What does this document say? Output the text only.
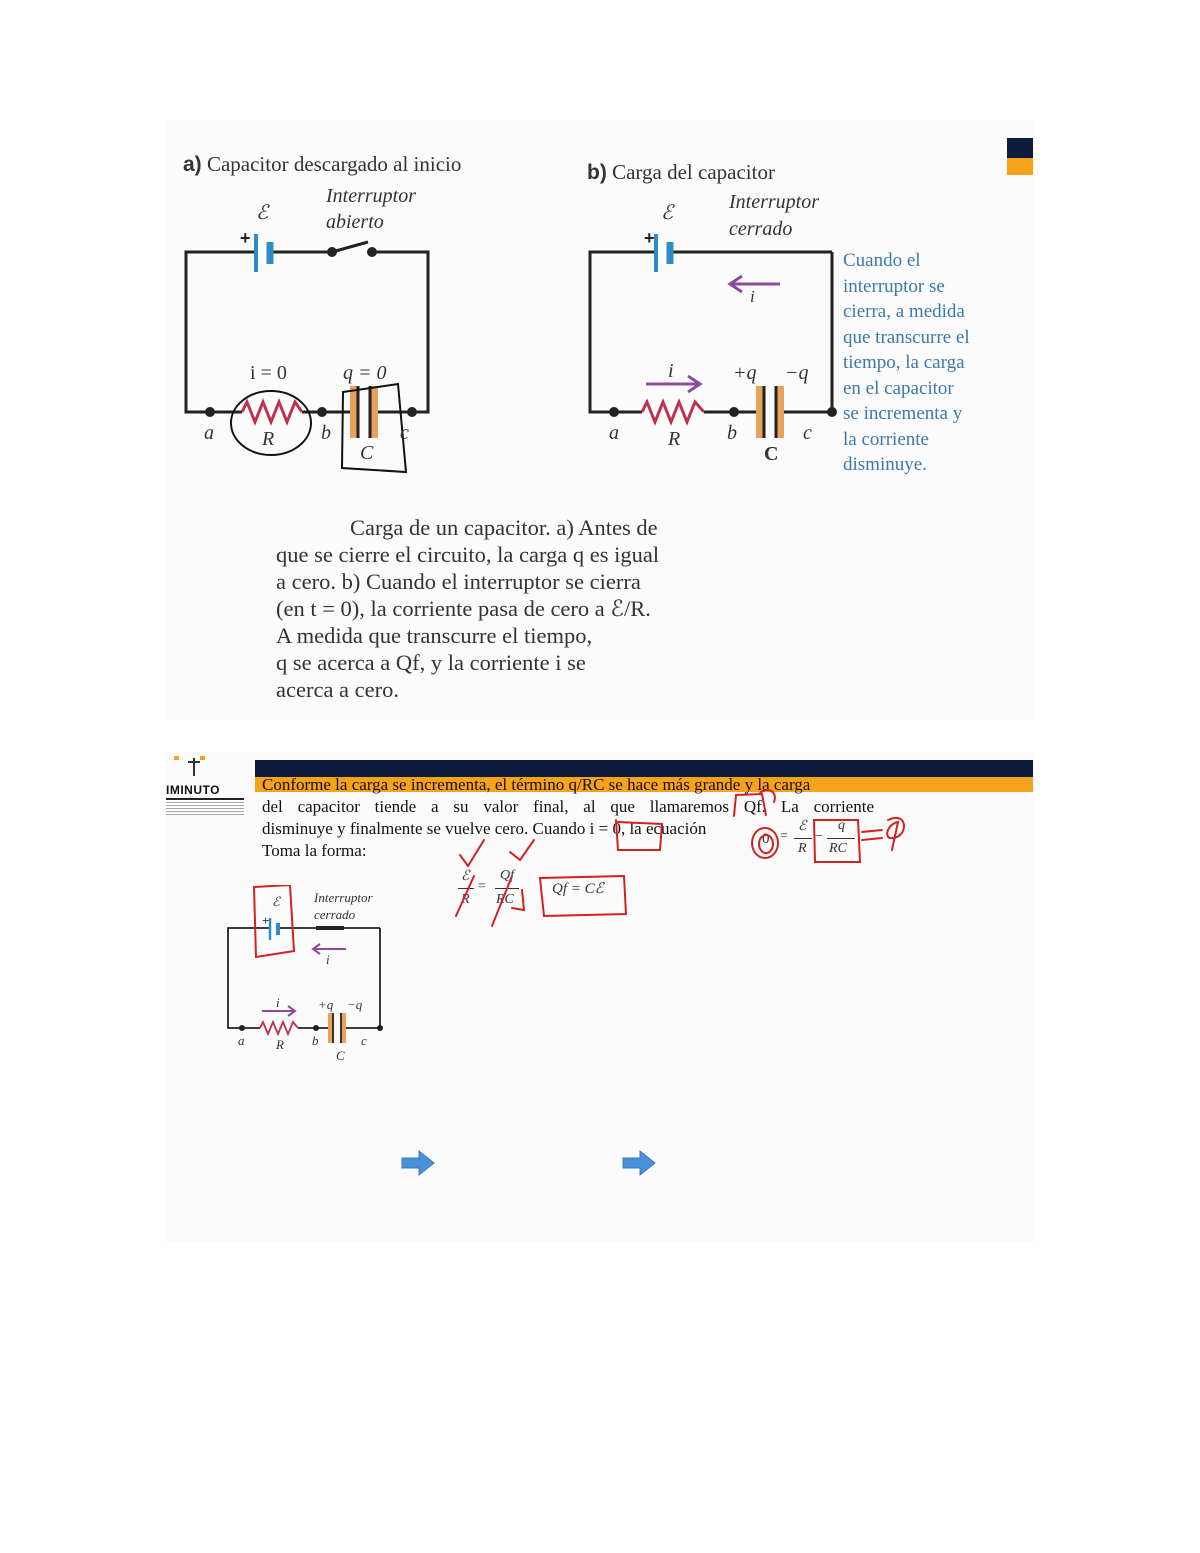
a) Capacitor descargado al inicio	b) Carga del capacitor
ℰ
+
Interruptor
abierto
i = 0	q = 0
a R b	c
C
ℰ
+
Interruptor
cerrado
i
i	+q −q
a R b	c
C
Cuando el
interruptor se
cierra, a medida
que transcurre el
tiempo, la carga
en el capacitor
se incrementa y
la corriente
disminuye.
Carga de un capacitor. a) Antes de
que se cierre el circuito, la carga q es igual
a cero. b) Cuando el interruptor se cierra
(en t = 0), la corriente pasa de cero a ℰ/R.
A medida que transcurre el tiempo,
q se acerca a Qf, y la corriente i se
acerca a cero.
IMINUTO	Conforme la carga se incrementa, el término q/RC se hace más grande y la carga
del capacitor tiende a su valor final, al que llamaremos Qf. La corriente
disminuye y finalmente se vuelve cero. Cuando i = 0, la ecuación
Toma la forma:
0 =
ℰ
R
−
q
RC
ℰ
R
=
Qf
RC
Qf = Cℰ
ℰ
+
Interruptor
cerrado
i
i	+q −q
a R b	c
C
